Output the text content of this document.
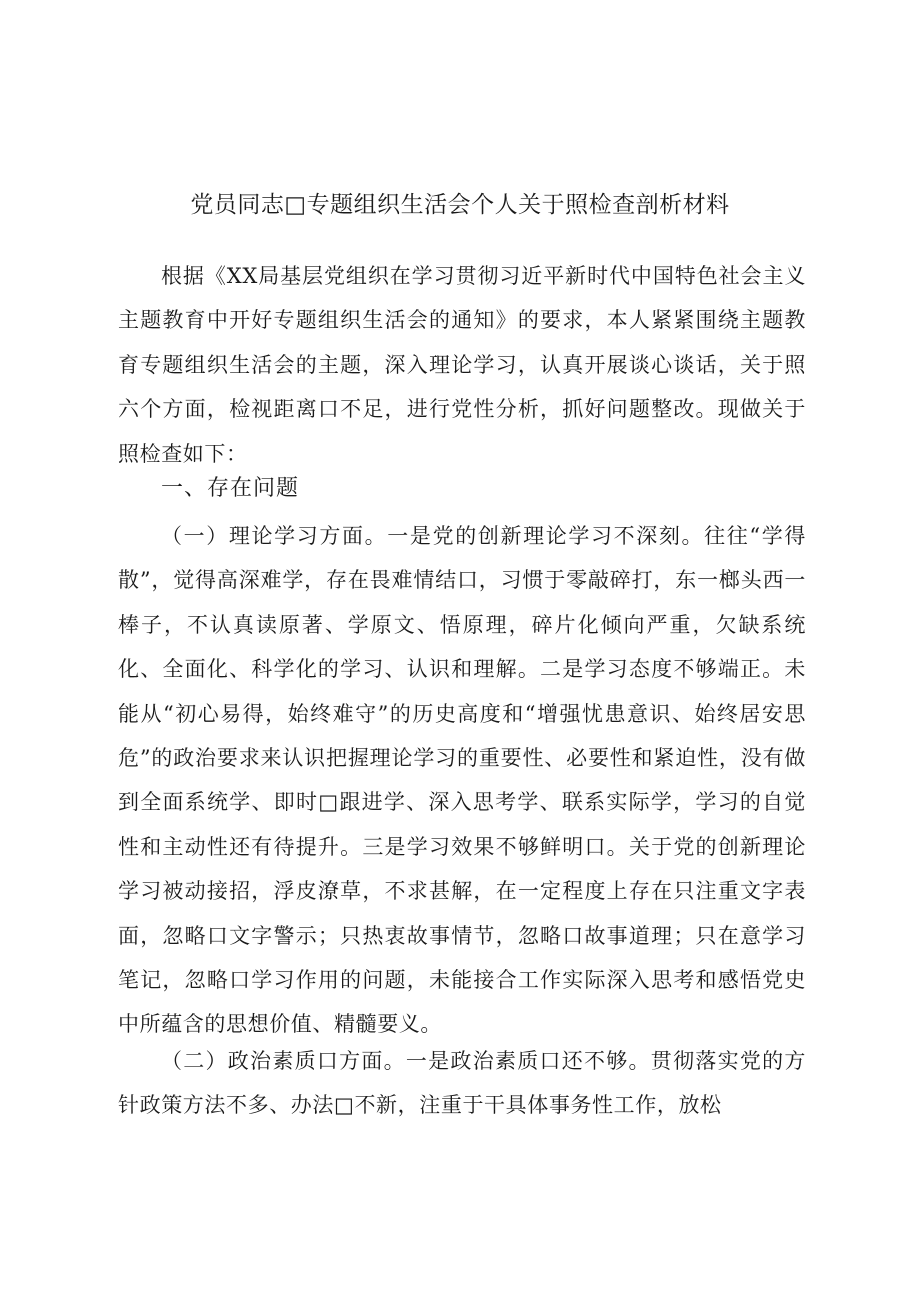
党员同志□专题组织生活会个人关于照检查剖析材料

根据《XX局基层党组织在学习贯彻习近平新时代中国特色社会主义主题教育中开好专题组织生活会的通知》的要求，本人紧紧围绕主题教育专题组织生活会的主题，深入理论学习，认真开展谈心谈话，关于照六个方面，检视距离口不足，进行党性分析，抓好问题整改。现做关于照检查如下：

一、存在问题

（一）理论学习方面。一是党的创新理论学习不深刻。往往“学得散”，觉得高深难学，存在畏难情结口，习惯于零敲碎打，东一榔头西一棒子，不认真读原著、学原文、悟原理，碎片化倾向严重，欠缺系统化、全面化、科学化的学习、认识和理解。二是学习态度不够端正。未能从“初心易得，始终难守”的历史高度和“增强忧患意识、始终居安思危”的政治要求来认识把握理论学习的重要性、必要性和紧迫性，没有做到全面系统学、即时□跟进学、深入思考学、联系实际学，学习的自觉性和主动性还有待提升。三是学习效果不够鲜明口。关于党的创新理论学习被动接招，浮皮潦草，不求甚解，在一定程度上存在只注重文字表面，忽略口文字警示；只热衷故事情节，忽略口故事道理；只在意学习笔记，忽略口学习作用的问题，未能接合工作实际深入思考和感悟党史中所蕴含的思想价值、精髓要义。

（二）政治素质口方面。一是政治素质口还不够。贯彻落实党的方针政策方法不多、办法□不新，注重于干具体事务性工作，放松
